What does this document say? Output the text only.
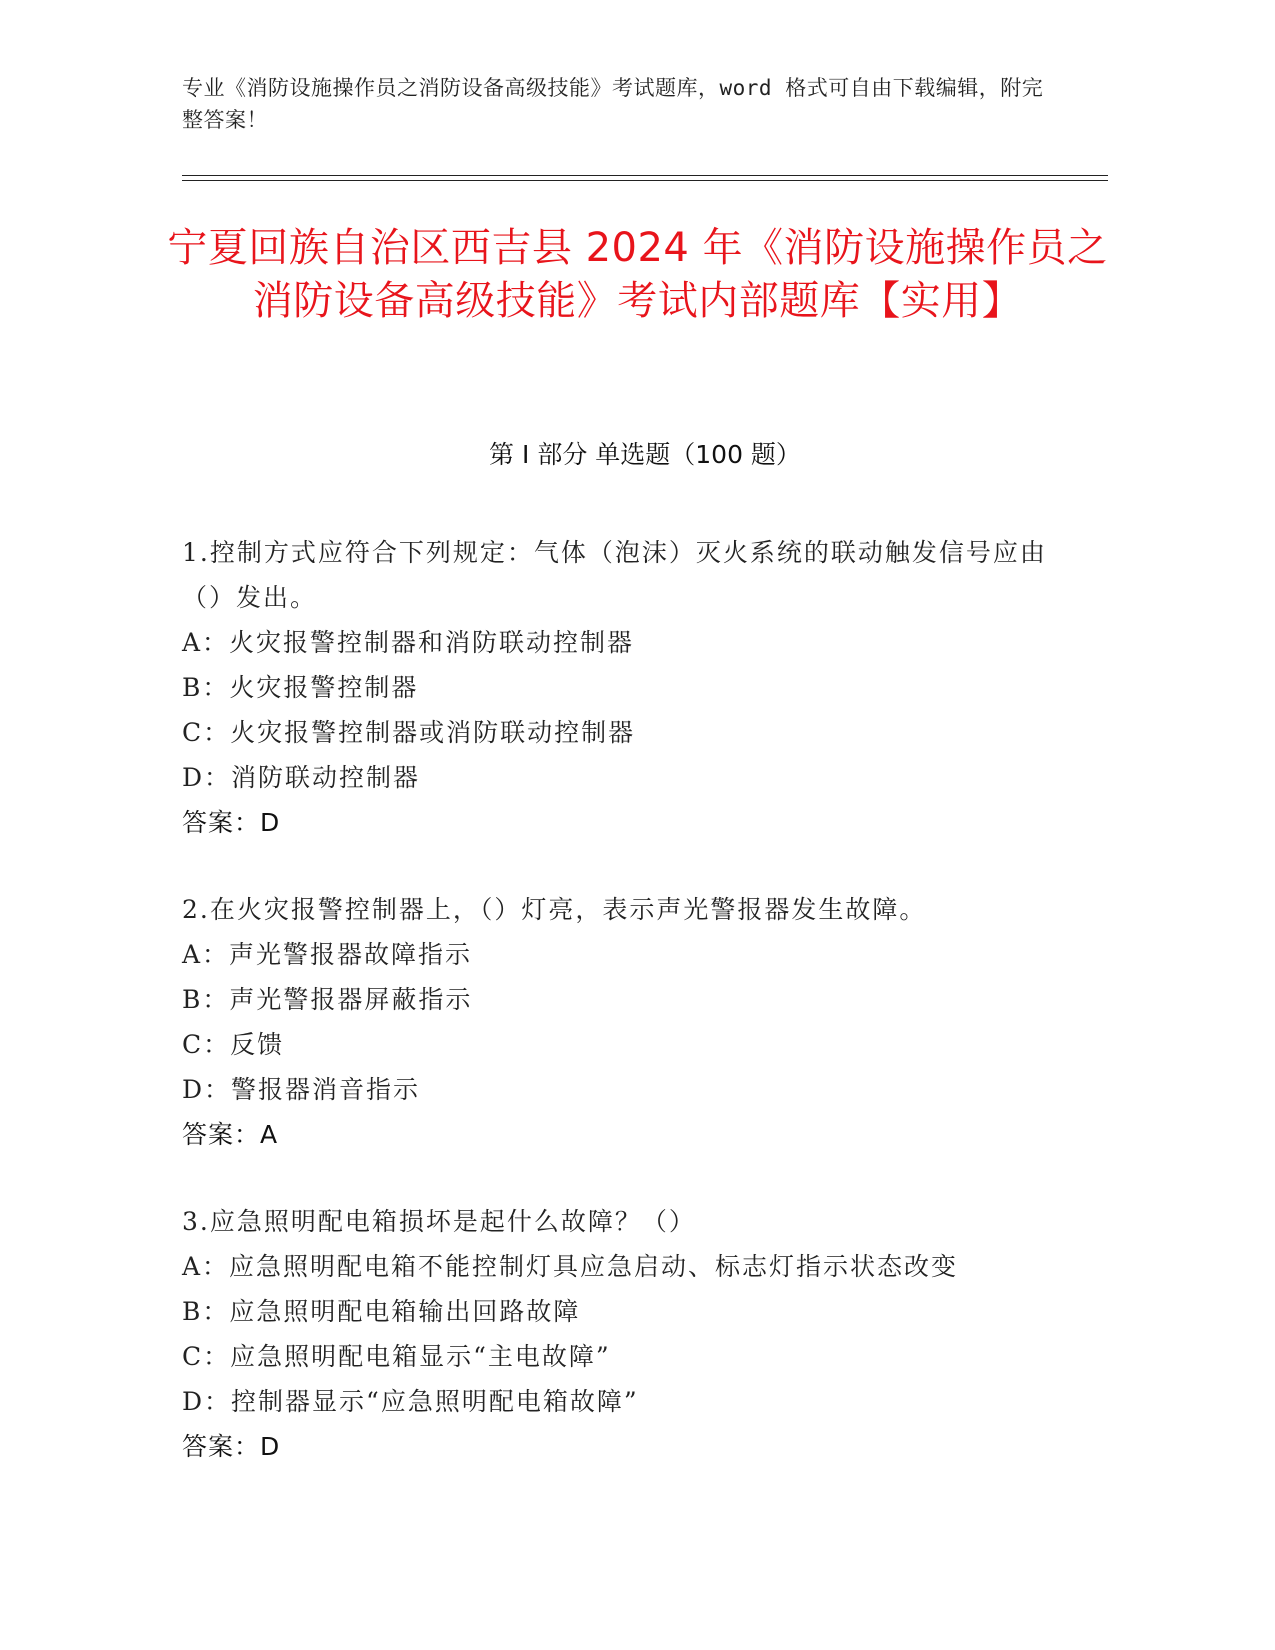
专业《消防设施操作员之消防设备高级技能》考试题库，word 格式可自由下载编辑，附完整答案！
宁夏回族自治区西吉县 2024 年《消防设施操作员之消防设备高级技能》考试内部题库【实用】
第 I 部分 单选题（100 题）
1.控制方式应符合下列规定：气体（泡沫）灭火系统的联动触发信号应由（）发出。
A：火灾报警控制器和消防联动控制器
B：火灾报警控制器
C：火灾报警控制器或消防联动控制器
D：消防联动控制器
答案：D
2.在火灾报警控制器上，（）灯亮，表示声光警报器发生故障。
A：声光警报器故障指示
B：声光警报器屏蔽指示
C：反馈
D：警报器消音指示
答案：A
3.应急照明配电箱损坏是起什么故障？（）
A：应急照明配电箱不能控制灯具应急启动、标志灯指示状态改变
B：应急照明配电箱输出回路故障
C：应急照明配电箱显示“主电故障”
D：控制器显示“应急照明配电箱故障”
答案：D
